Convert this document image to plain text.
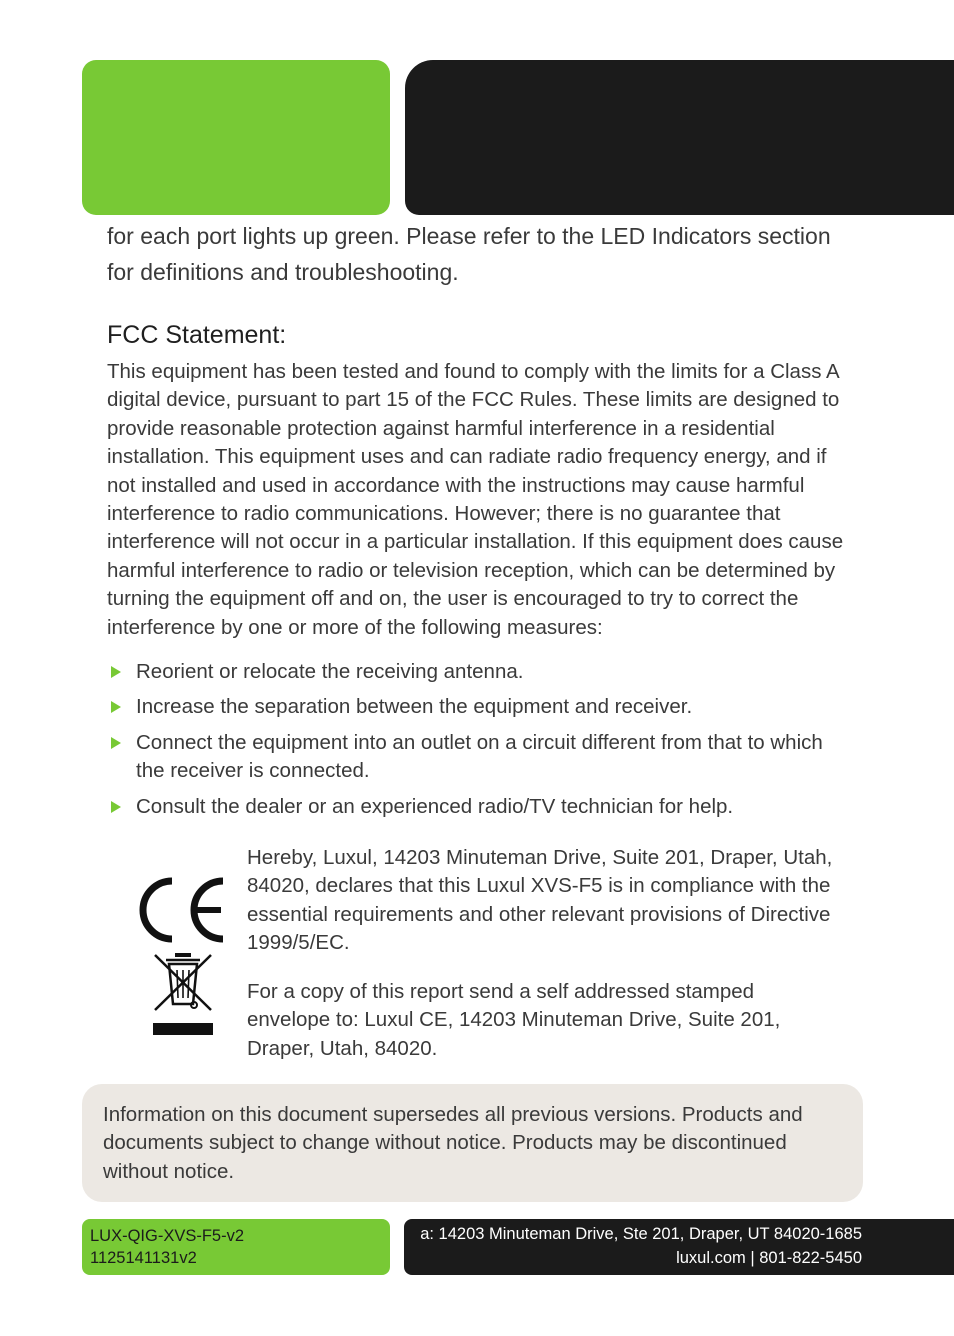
for each port lights up green. Please refer to the LED Indicators section
for definitions and troubleshooting.

FCC Statement:

This equipment has been tested and found to comply with the limits for a Class A digital device, pursuant to part 15 of the FCC Rules. These limits are designed to provide reasonable protection against harmful interference in a residential installation. This equipment uses and can radiate radio frequency energy, and if not installed and used in accordance with the instructions may cause harmful interference to radio communications. However; there is no guarantee that interference will not occur in a particular installation. If this equipment does cause harmful interference to radio or television reception, which can be determined by turning the equipment off and on, the user is encouraged to try to correct the interference by one or more of the following measures:

Reorient or relocate the receiving antenna.
Increase the separation between the equipment and receiver.
Connect the equipment into an outlet on a circuit different from that to which the receiver is connected.
Consult the dealer or an experienced radio/TV technician for help.

Hereby, Luxul, 14203 Minuteman Drive, Suite 201, Draper, Utah, 84020, declares that this Luxul XVS-F5 is in compliance with the essential requirements and other relevant provisions of Directive 1999/5/EC.

For a copy of this report send a self addressed stamped envelope to: Luxul CE, 14203 Minuteman Drive, Suite 201, Draper, Utah, 84020.

Information on this document supersedes all previous versions. Products and documents subject to change without notice. Products may be discontinued without notice.

LUX-QIG-XVS-F5-v2
1125141131v2

a: 14203 Minuteman Drive, Ste 201, Draper, UT 84020-1685
luxul.com | 801-822-5450
